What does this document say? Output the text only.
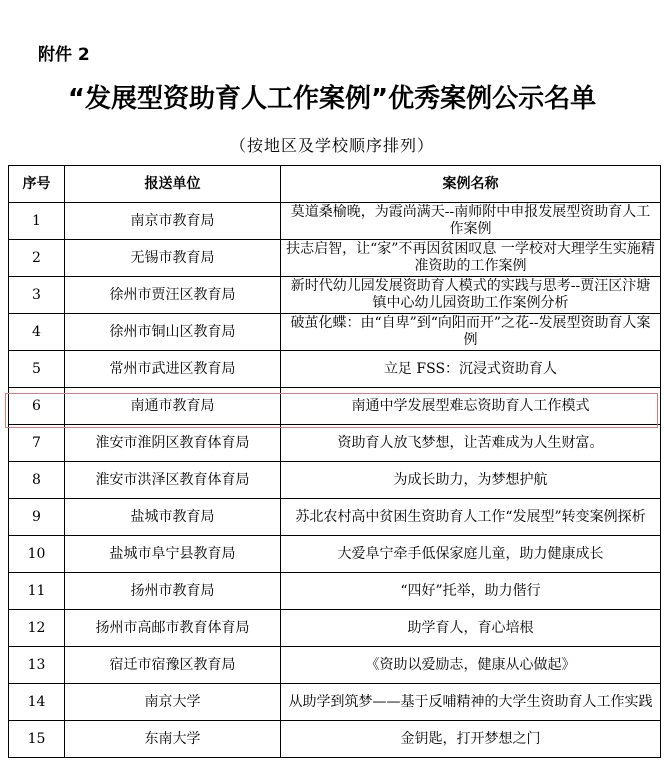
附件 2
“发展型资助育人工作案例”优秀案例公示名单
（按地区及学校顺序排列）
序号	报送单位	案例名称
1	南京市教育局	莫道桑榆晚，为霞尚满天--南师附中申报发展型资助育人工作案例
2	无锡市教育局	扶志启智，让“家”不再因贫困叹息 一学校对大理学生实施精准资助的工作案例
3	徐州市贾汪区教育局	新时代幼儿园发展资助育人模式的实践与思考--贾汪区汴塘镇中心幼儿园资助工作案例分析
4	徐州市铜山区教育局	破茧化蝶：由“自卑”到“向阳而开”之花--发展型资助育人案例
5	常州市武进区教育局	立足 FSS：沉浸式资助育人
6	南通市教育局	南通中学发展型难忘资助育人工作模式
7	淮安市淮阴区教育体育局	资助育人放飞梦想，让苦难成为人生财富。
8	淮安市洪泽区教育体育局	为成长助力，为梦想护航
9	盐城市教育局	苏北农村高中贫困生资助育人工作“发展型”转变案例探析
10	盐城市阜宁县教育局	大爱阜宁牵手低保家庭儿童，助力健康成长
11	扬州市教育局	“四好”托举，助力偕行
12	扬州市高邮市教育体育局	助学育人，育心培根
13	宿迁市宿豫区教育局	《资助以爱励志，健康从心做起》
14	南京大学	从助学到筑梦——基于反哺精神的大学生资助育人工作实践
15	东南大学	金钥匙，打开梦想之门
